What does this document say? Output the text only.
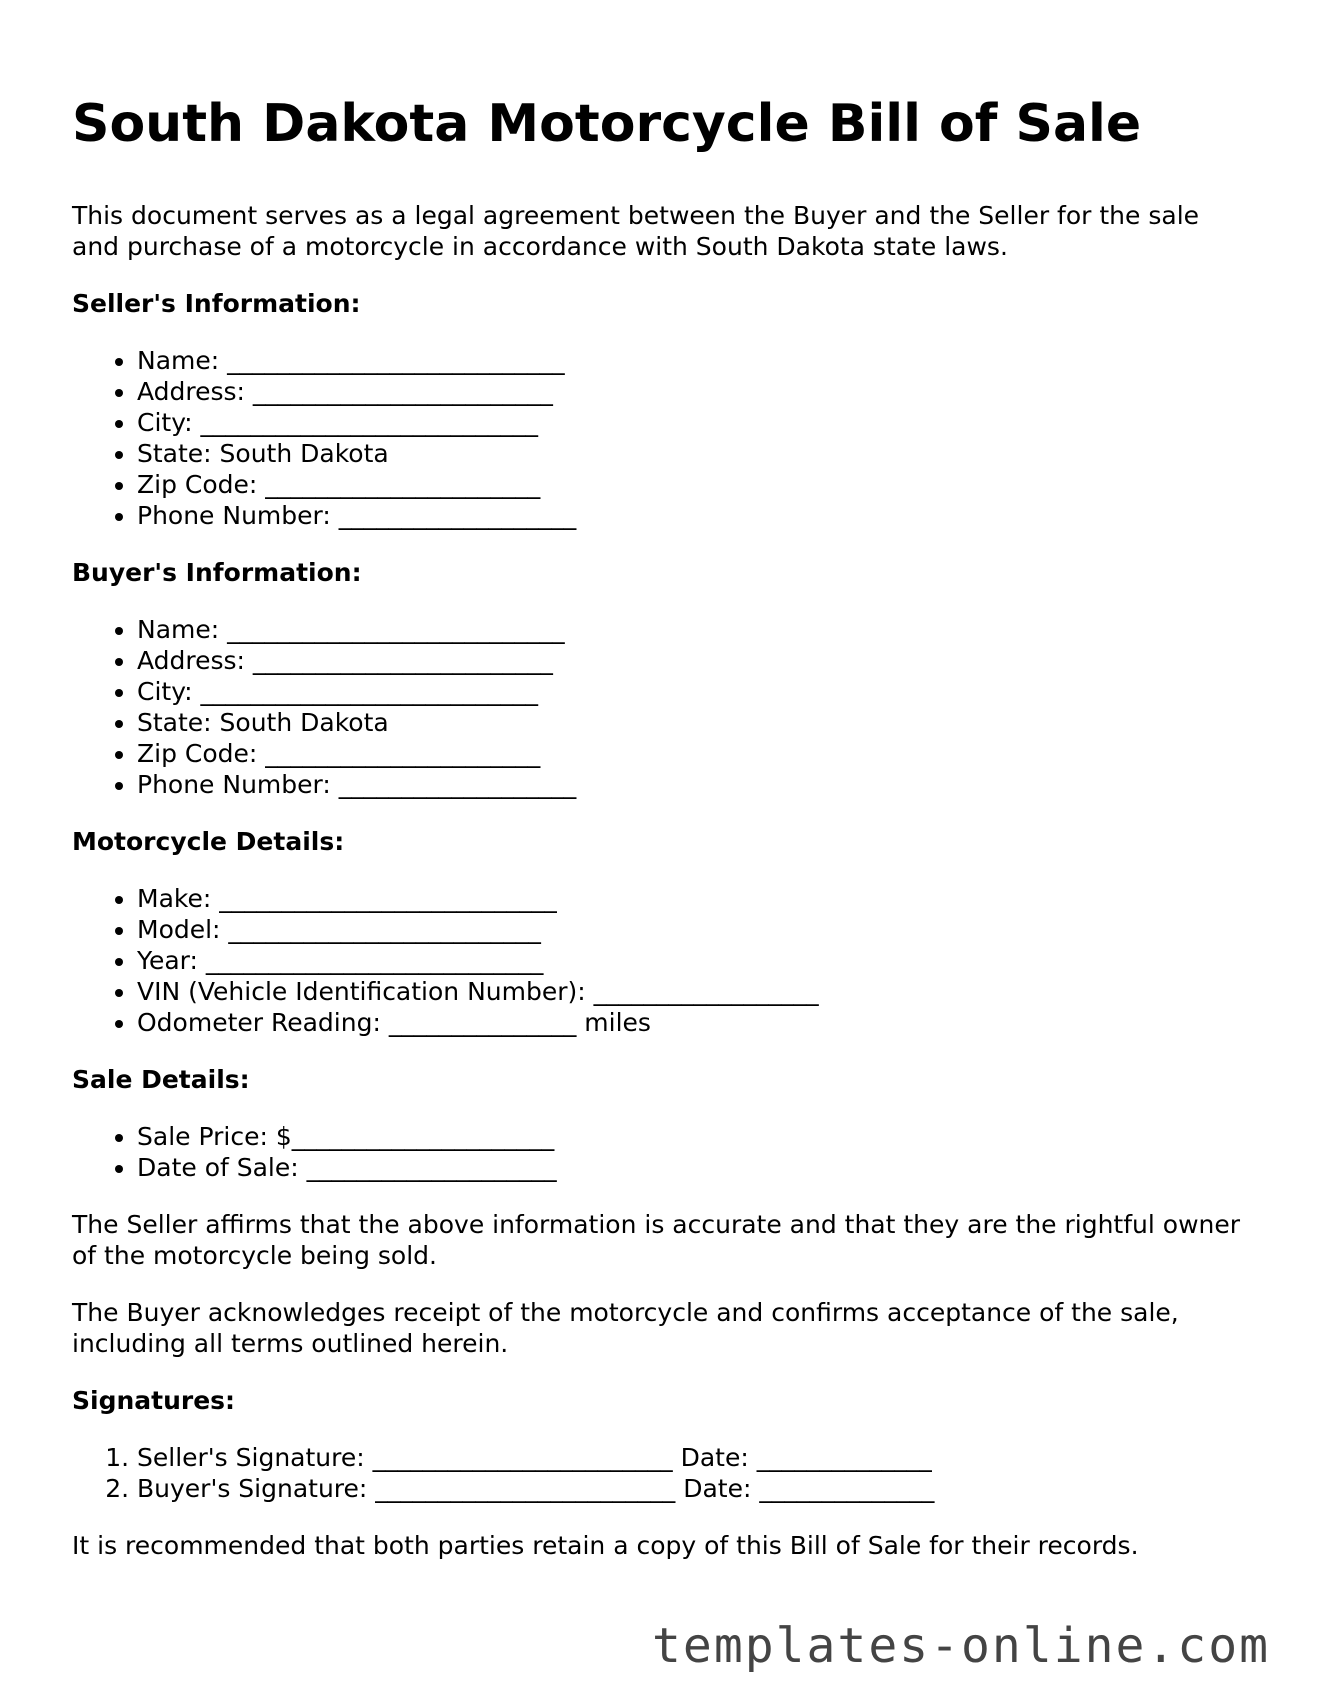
South Dakota Motorcycle Bill of Sale

This document serves as a legal agreement between the Buyer and the Seller for the sale and purchase of a motorcycle in accordance with South Dakota state laws.

Seller's Information:

• Name: ___________________________
• Address: ________________________
• City: ___________________________
• State: South Dakota
• Zip Code: ______________________
• Phone Number: ___________________

Buyer's Information:

• Name: ___________________________
• Address: ________________________
• City: ___________________________
• State: South Dakota
• Zip Code: ______________________
• Phone Number: ___________________

Motorcycle Details:

• Make: ___________________________
• Model: _________________________
• Year: ___________________________
• VIN (Vehicle Identification Number): __________________
• Odometer Reading: _______________ miles

Sale Details:

• Sale Price: $_____________________
• Date of Sale: ____________________

The Seller affirms that the above information is accurate and that they are the rightful owner of the motorcycle being sold.

The Buyer acknowledges receipt of the motorcycle and confirms acceptance of the sale, including all terms outlined herein.

Signatures:

1. Seller's Signature: ________________________ Date: ______________
2. Buyer's Signature: ________________________ Date: ______________

It is recommended that both parties retain a copy of this Bill of Sale for their records.

templates-online.com
